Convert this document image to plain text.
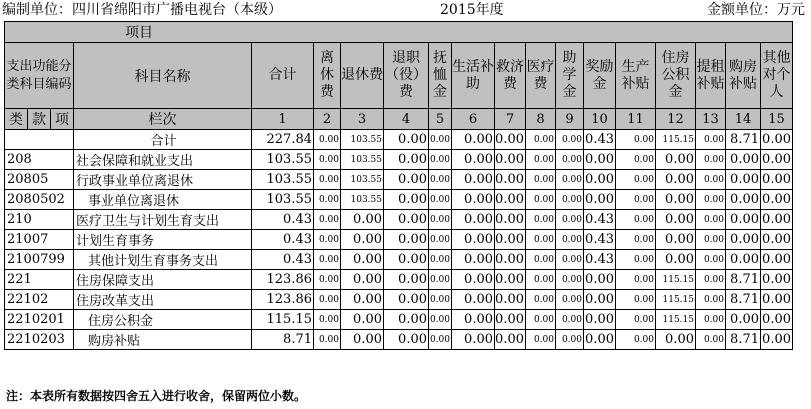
编制单位：四川省绵阳市广播电视台（本级）	2015年度	金额单位：万元
项目																		
支出功能分类科目编码			科目名称	合计	离休费	退休费	退职（役）费	抚恤金	生活补助	救济费	医疗费	助学金	奖励金	生产补贴	住房公积金	提租补贴	购房补贴	其他对个人
类	款	项	栏次	1	2	3	4	5	6	7	8	9	10	11	12	13	14	15
			合计	227.84	0.00	103.55	0.00	0.00	0.00	0.00	0.00	0.00	0.43	0.00	115.15	0.00	8.71	0.00
208			社会保障和就业支出	103.55	0.00	103.55	0.00	0.00	0.00	0.00	0.00	0.00	0.00	0.00	0.00	0.00	0.00	0.00
20805			行政事业单位离退休	103.55	0.00	103.55	0.00	0.00	0.00	0.00	0.00	0.00	0.00	0.00	0.00	0.00	0.00	0.00
2080502			事业单位离退休	103.55	0.00	103.55	0.00	0.00	0.00	0.00	0.00	0.00	0.00	0.00	0.00	0.00	0.00	0.00
210			医疗卫生与计划生育支出	0.43	0.00	0.00	0.00	0.00	0.00	0.00	0.00	0.00	0.43	0.00	0.00	0.00	0.00	0.00
21007			计划生育事务	0.43	0.00	0.00	0.00	0.00	0.00	0.00	0.00	0.00	0.43	0.00	0.00	0.00	0.00	0.00
2100799			其他计划生育事务支出	0.43	0.00	0.00	0.00	0.00	0.00	0.00	0.00	0.00	0.43	0.00	0.00	0.00	0.00	0.00
221			住房保障支出	123.86	0.00	0.00	0.00	0.00	0.00	0.00	0.00	0.00	0.00	0.00	115.15	0.00	8.71	0.00
22102			住房改革支出	123.86	0.00	0.00	0.00	0.00	0.00	0.00	0.00	0.00	0.00	0.00	115.15	0.00	8.71	0.00
2210201			住房公积金	115.15	0.00	0.00	0.00	0.00	0.00	0.00	0.00	0.00	0.00	0.00	115.15	0.00	0.00	0.00
2210203			购房补贴	8.71	0.00	0.00	0.00	0.00	0.00	0.00	0.00	0.00	0.00	0.00	0.00	0.00	8.71	0.00
注：本表所有数据按四舍五入进行收舍，保留两位小数。
